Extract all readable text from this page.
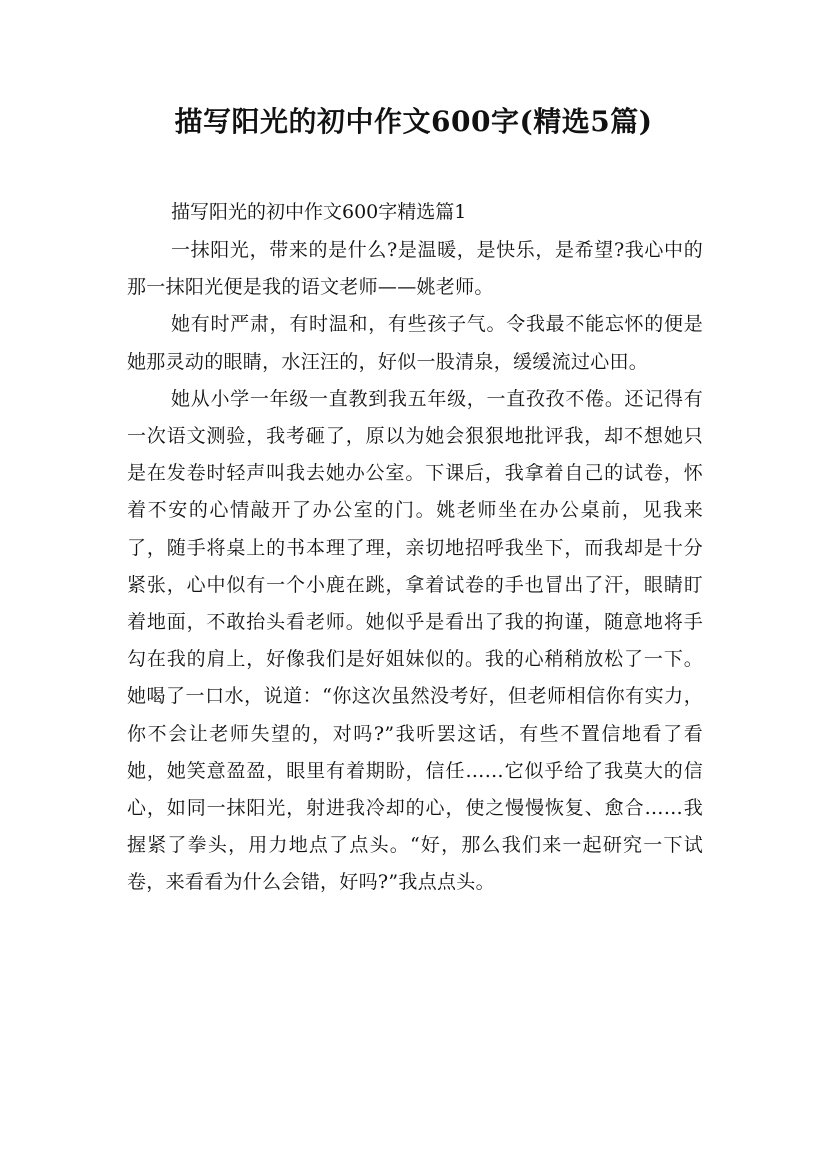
描写阳光的初中作文600字(精选5篇)

描写阳光的初中作文600字精选篇1

一抹阳光，带来的是什么?是温暖，是快乐，是希望?我心中的那一抹阳光便是我的语文老师——姚老师。

她有时严肃，有时温和，有些孩子气。令我最不能忘怀的便是她那灵动的眼睛，水汪汪的，好似一股清泉，缓缓流过心田。

她从小学一年级一直教到我五年级，一直孜孜不倦。还记得有一次语文测验，我考砸了，原以为她会狠狠地批评我，却不想她只是在发卷时轻声叫我去她办公室。下课后，我拿着自己的试卷，怀着不安的心情敲开了办公室的门。姚老师坐在办公桌前，见我来了，随手将桌上的书本理了理，亲切地招呼我坐下，而我却是十分紧张，心中似有一个小鹿在跳，拿着试卷的手也冒出了汗，眼睛盯着地面，不敢抬头看老师。她似乎是看出了我的拘谨，随意地将手勾在我的肩上，好像我们是好姐妹似的。我的心稍稍放松了一下。她喝了一口水，说道：“你这次虽然没考好，但老师相信你有实力，你不会让老师失望的，对吗?”我听罢这话，有些不置信地看了看她，她笑意盈盈，眼里有着期盼，信任……它似乎给了我莫大的信心，如同一抹阳光，射进我冷却的心，使之慢慢恢复、愈合……我握紧了拳头，用力地点了点头。“好，那么我们来一起研究一下试卷，来看看为什么会错，好吗?”我点点头。
